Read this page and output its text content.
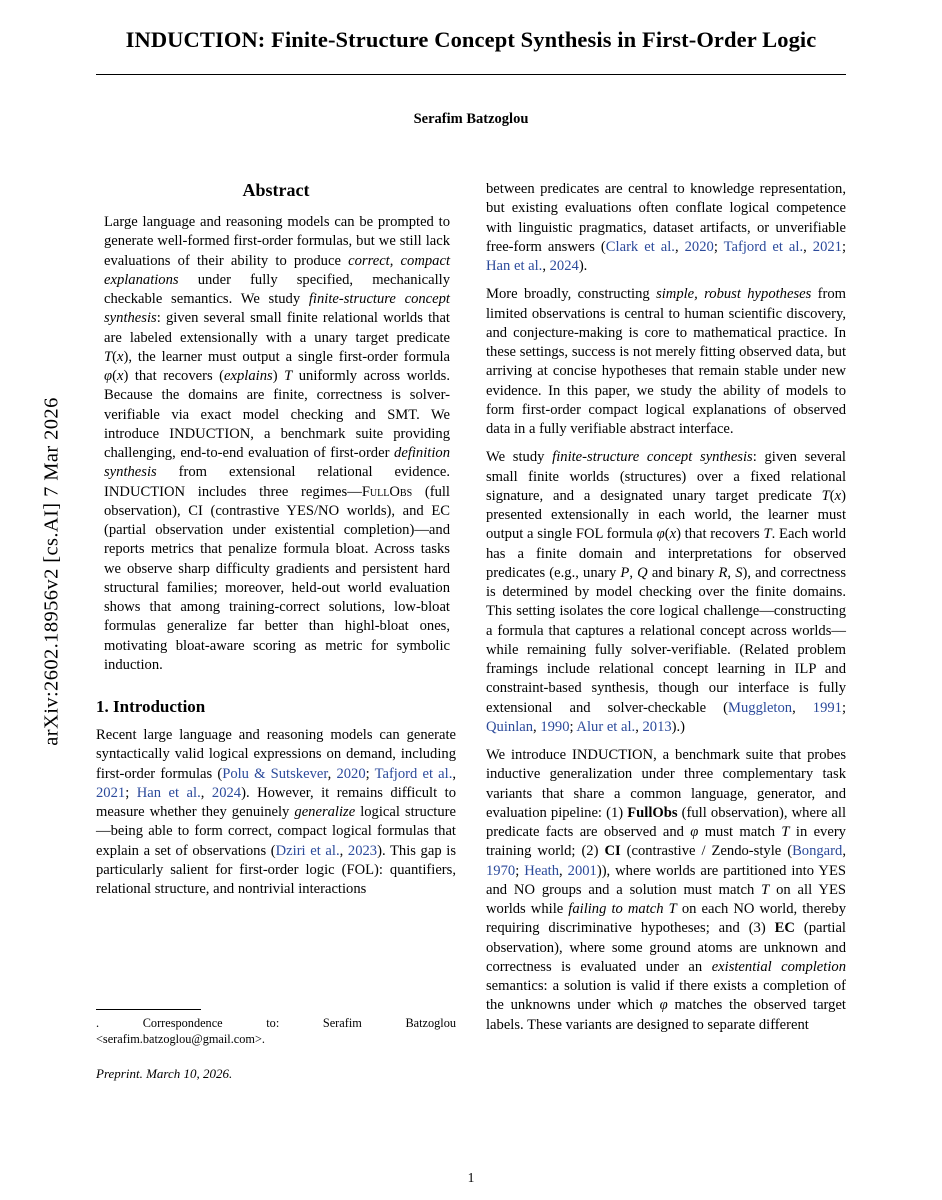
arXiv:2602.18956v2 [cs.AI] 7 Mar 2026
INDUCTION: Finite-Structure Concept Synthesis in First-Order Logic
Serafim Batzoglou
Abstract

Large language and reasoning models can be prompted to generate well-formed first-order formulas, but we still lack evaluations of their ability to produce correct, compact explanations under fully specified, mechanically checkable semantics. We study finite-structure concept synthesis: given several small finite relational worlds that are labeled extensionally with a unary target predicate T(x), the learner must output a single first-order formula φ(x) that recovers (explains) T uniformly across worlds. Because the domains are finite, correctness is solver-verifiable via exact model checking and SMT. We introduce INDUCTION, a benchmark suite providing challenging, end-to-end evaluation of first-order definition synthesis from extensional relational evidence. INDUCTION includes three regimes—FullObs (full observation), CI (contrastive YES/NO worlds), and EC (partial observation under existential completion)—and reports metrics that penalize formula bloat. Across tasks we observe sharp difficulty gradients and persistent hard structural families; moreover, held-out world evaluation shows that among training-correct solutions, low-bloat formulas generalize far better than highl-bloat ones, motivating bloat-aware scoring as metric for symbolic induction.

1. Introduction

Recent large language and reasoning models can generate syntactically valid logical expressions on demand, including first-order formulas (Polu & Sutskever, 2020; Tafjord et al., 2021; Han et al., 2024). However, it remains difficult to measure whether they genuinely generalize logical structure—being able to form correct, compact logical formulas that explain a set of observations (Dziri et al., 2023). This gap is particularly salient for first-order logic (FOL): quantifiers, relational structure, and nontrivial interactions

. Correspondence to: Serafim Batzoglou <serafim.batzoglou@gmail.com>.

Preprint. March 10, 2026.

between predicates are central to knowledge representation, but existing evaluations often conflate logical competence with linguistic pragmatics, dataset artifacts, or unverifiable free-form answers (Clark et al., 2020; Tafjord et al., 2021; Han et al., 2024).

More broadly, constructing simple, robust hypotheses from limited observations is central to human scientific discovery, and conjecture-making is core to mathematical practice. In these settings, success is not merely fitting observed data, but arriving at concise hypotheses that remain stable under new evidence. In this paper, we study the ability of models to form first-order compact logical explanations of observed data in a fully verifiable abstract interface.

We study finite-structure concept synthesis: given several small finite worlds (structures) over a fixed relational signature, and a designated unary target predicate T(x) presented extensionally in each world, the learner must output a single FOL formula φ(x) that recovers T. Each world has a finite domain and interpretations for observed predicates (e.g., unary P, Q and binary R, S), and correctness is determined by model checking over the finite domains. This setting isolates the core logical challenge—constructing a formula that captures a relational concept across worlds—while remaining fully solver-verifiable. (Related problem framings include relational concept learning in ILP and constraint-based synthesis, though our interface is fully extensional and solver-checkable (Muggleton, 1991; Quinlan, 1990; Alur et al., 2013).)

We introduce INDUCTION, a benchmark suite that probes inductive generalization under three complementary task variants that share a common language, generator, and evaluation pipeline: (1) FullObs (full observation), where all predicate facts are observed and φ must match T in every training world; (2) CI (contrastive / Zendo-style (Bongard, 1970; Heath, 2001)), where worlds are partitioned into YES and NO groups and a solution must match T on all YES worlds while failing to match T on each NO world, thereby requiring discriminative hypotheses; and (3) EC (partial observation), where some ground atoms are unknown and correctness is evaluated under an existential completion semantics: a solution is valid if there exists a completion of the unknowns under which φ matches the observed target labels. These variants are designed to separate different

1
